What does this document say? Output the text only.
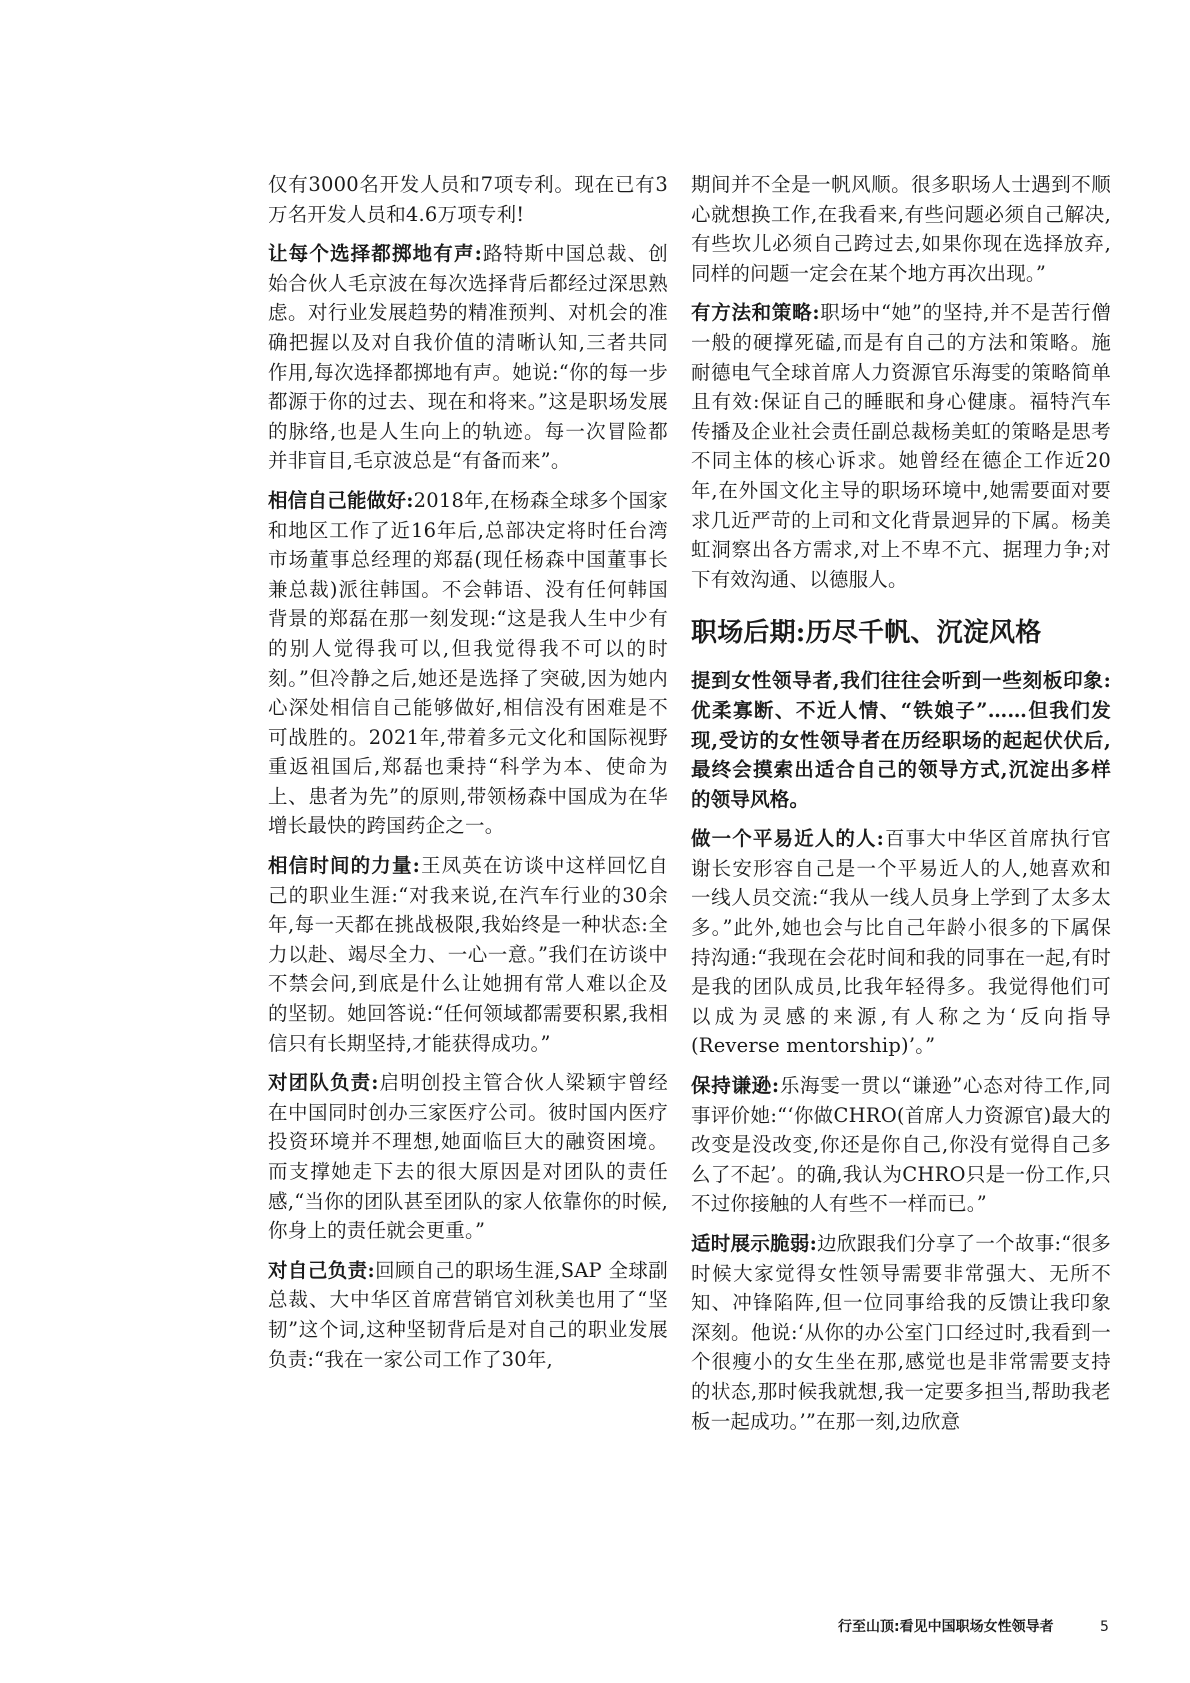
仅有3000名开发人员和7项专利。现在已有3万名开发人员和4.6万项专利!

让每个选择都掷地有声:路特斯中国总裁、创始合伙人毛京波在每次选择背后都经过深思熟虑。对行业发展趋势的精准预判、对机会的准确把握以及对自我价值的清晰认知,三者共同作用,每次选择都掷地有声。她说:“你的每一步都源于你的过去、现在和将来。”这是职场发展的脉络,也是人生向上的轨迹。每一次冒险都并非盲目,毛京波总是“有备而来”。

相信自己能做好:2018年,在杨森全球多个国家和地区工作了近16年后,总部决定将时任台湾市场董事总经理的郑磊(现任杨森中国董事长兼总裁)派往韩国。不会韩语、没有任何韩国背景的郑磊在那一刻发现:“这是我人生中少有的别人觉得我可以,但我觉得我不可以的时刻。”但冷静之后,她还是选择了突破,因为她内心深处相信自己能够做好,相信没有困难是不可战胜的。2021年,带着多元文化和国际视野重返祖国后,郑磊也秉持“科学为本、使命为上、患者为先”的原则,带领杨森中国成为在华增长最快的跨国药企之一。

相信时间的力量:王凤英在访谈中这样回忆自己的职业生涯:“对我来说,在汽车行业的30余年,每一天都在挑战极限,我始终是一种状态:全力以赴、竭尽全力、一心一意。”我们在访谈中不禁会问,到底是什么让她拥有常人难以企及的坚韧。她回答说:“任何领域都需要积累,我相信只有长期坚持,才能获得成功。”

对团队负责:启明创投主管合伙人梁颖宇曾经在中国同时创办三家医疗公司。彼时国内医疗投资环境并不理想,她面临巨大的融资困境。而支撑她走下去的很大原因是对团队的责任感,“当你的团队甚至团队的家人依靠你的时候,你身上的责任就会更重。”

对自己负责:回顾自己的职场生涯,SAP 全球副总裁、大中华区首席营销官刘秋美也用了“坚韧”这个词,这种坚韧背后是对自己的职业发展负责:“我在一家公司工作了30年,

期间并不全是一帆风顺。很多职场人士遇到不顺心就想换工作,在我看来,有些问题必须自己解决,有些坎儿必须自己跨过去,如果你现在选择放弃,同样的问题一定会在某个地方再次出现。”

有方法和策略:职场中“她”的坚持,并不是苦行僧一般的硬撑死磕,而是有自己的方法和策略。施耐德电气全球首席人力资源官乐海雯的策略简单且有效:保证自己的睡眠和身心健康。福特汽车传播及企业社会责任副总裁杨美虹的策略是思考不同主体的核心诉求。她曾经在德企工作近20年,在外国文化主导的职场环境中,她需要面对要求几近严苛的上司和文化背景迥异的下属。杨美虹洞察出各方需求,对上不卑不亢、据理力争;对下有效沟通、以德服人。

职场后期:历尽千帆、沉淀风格

提到女性领导者,我们往往会听到一些刻板印象:优柔寡断、不近人情、“铁娘子”……但我们发现,受访的女性领导者在历经职场的起起伏伏后,最终会摸索出适合自己的领导方式,沉淀出多样的领导风格。

做一个平易近人的人:百事大中华区首席执行官谢长安形容自己是一个平易近人的人,她喜欢和一线人员交流:“我从一线人员身上学到了太多太多。”此外,她也会与比自己年龄小很多的下属保持沟通:“我现在会花时间和我的同事在一起,有时是我的团队成员,比我年轻得多。我觉得他们可以成为灵感的来源,有人称之为‘反向指导(Reverse mentorship)’。”

保持谦逊:乐海雯一贯以“谦逊”心态对待工作,同事评价她:“‘你做CHRO(首席人力资源官)最大的改变是没改变,你还是你自己,你没有觉得自己多么了不起’。的确,我认为CHRO只是一份工作,只不过你接触的人有些不一样而已。”

适时展示脆弱:边欣跟我们分享了一个故事:“很多时候大家觉得女性领导需要非常强大、无所不知、冲锋陷阵,但一位同事给我的反馈让我印象深刻。他说:‘从你的办公室门口经过时,我看到一个很瘦小的女生坐在那,感觉也是非常需要支持的状态,那时候我就想,我一定要多担当,帮助我老板一起成功。’”在那一刻,边欣意

行至山顶:看见中国职场女性领导者	5
